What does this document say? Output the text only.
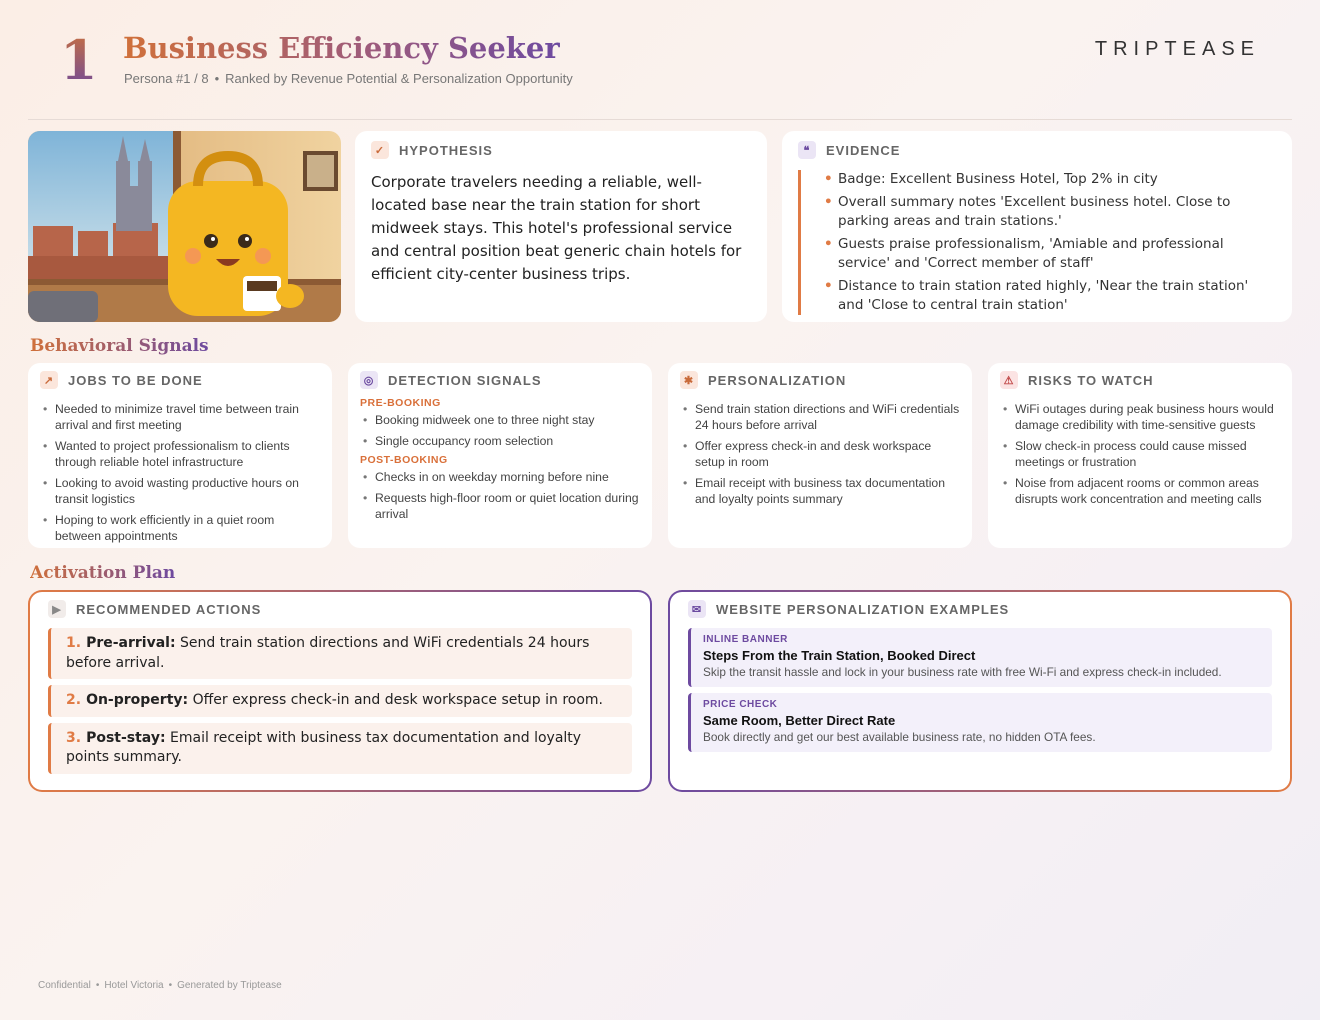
1 Business Efficiency Seeker
Persona #1 / 8 • Ranked by Revenue Potential & Personalization Opportunity
TRIPTEASE
✓ HYPOTHESIS
Corporate travelers needing a reliable, well-located base near the train station for short midweek stays. This hotel's professional service and central position beat generic chain hotels for efficient city-center business trips.
❝	EVIDENCE
• Badge: Excellent Business Hotel, Top 2% in city
• Overall summary notes 'Excellent business hotel. Close to parking areas and train stations.'
• Guests praise professionalism, 'Amiable and professional service' and 'Correct member of staff'
• Distance to train station rated highly, 'Near the train station' and 'Close to central train station'
Behavioral Signals
↗ JOBS TO BE DONE
• Needed to minimize travel time between train arrival and first meeting
• Wanted to project professionalism to clients through reliable hotel infrastructure
• Looking to avoid wasting productive hours on transit logistics
• Hoping to work efficiently in a quiet room between appointments
◎ DETECTION SIGNALS
PRE-BOOKING
• Booking midweek one to three night stay
• Single occupancy room selection
POST-BOOKING
• Checks in on weekday morning before nine
• Requests high-floor room or quiet location during arrival
✱ PERSONALIZATION
• Send train station directions and WiFi credentials 24 hours before arrival
• Offer express check-in and desk workspace setup in room
• Email receipt with business tax documentation and loyalty points summary
⚠ RISKS TO WATCH
• WiFi outages during peak business hours would damage credibility with time-sensitive guests
• Slow check-in process could cause missed meetings or frustration
• Noise from adjacent rooms or common areas disrupts work concentration and meeting calls
Activation Plan
▶	RECOMMENDED ACTIONS
1. Pre-arrival: Send train station directions and WiFi credentials 24 hours before arrival.
2. On-property: Offer express check-in and desk workspace setup in room.
3. Post-stay: Email receipt with business tax documentation and loyalty points summary.
✉ WEBSITE PERSONALIZATION EXAMPLES
INLINE BANNER
Steps From the Train Station, Booked Direct
Skip the transit hassle and lock in your business rate with free Wi-Fi and express check-in included.
PRICE CHECK
Same Room, Better Direct Rate
Book directly and get our best available business rate, no hidden OTA fees.
Confidential • Hotel Victoria • Generated by Triptease
